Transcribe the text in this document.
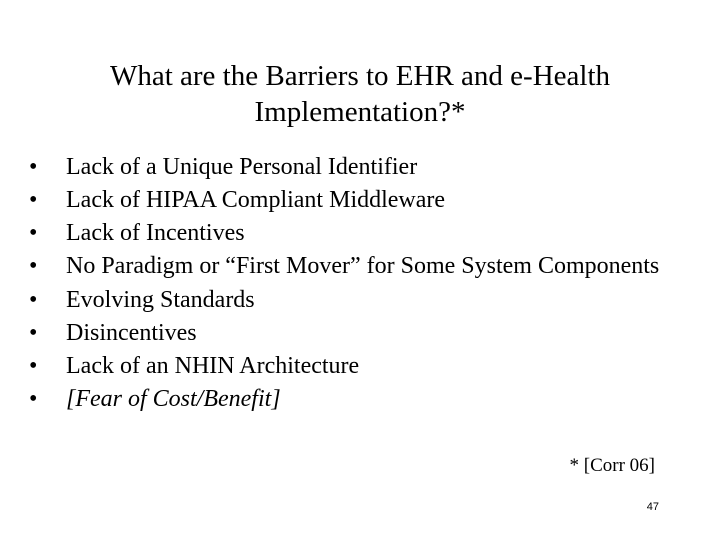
What are the Barriers to EHR and e-Health
Implementation?*
• Lack of a Unique Personal Identifier
• Lack of HIPAA Compliant Middleware
• Lack of Incentives
• No Paradigm or “First Mover” for Some System Components
• Evolving Standards
• Disincentives
• Lack of an NHIN Architecture
• [Fear of Cost/Benefit]
* [Corr 06]
47
